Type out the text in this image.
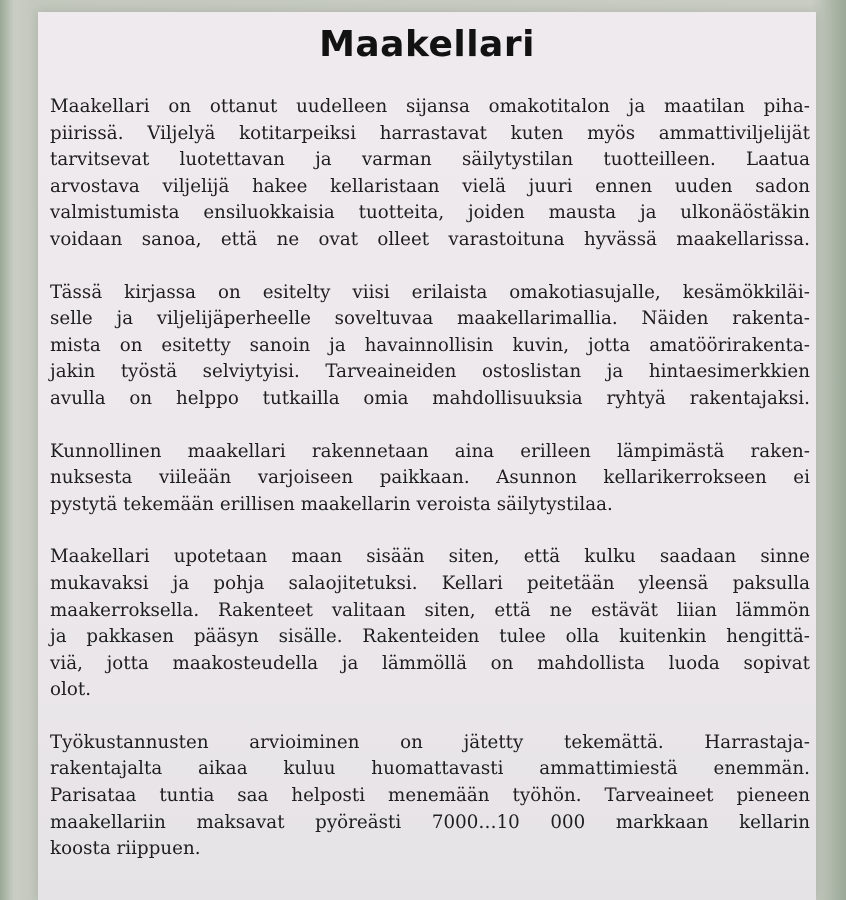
Maakellari

Maakellari on ottanut uudelleen sijansa omakotitalon ja maatilan piha-
piirissä. Viljelyä kotitarpeiksi harrastavat kuten myös ammattiviljelijät
tarvitsevat luotettavan ja varman säilytystilan tuotteilleen. Laatua
arvostava viljelijä hakee kellaristaan vielä juuri ennen uuden sadon
valmistumista ensiluokkaisia tuotteita, joiden mausta ja ulkonäöstäkin
voidaan sanoa, että ne ovat olleet varastoituna hyvässä maakellarissa.

Tässä kirjassa on esitelty viisi erilaista omakotiasujalle, kesämökkiläi-
selle ja viljelijäperheelle soveltuvaa maakellarimallia. Näiden rakenta-
mista on esitetty sanoin ja havainnollisin kuvin, jotta amatöörirakenta-
jakin työstä selviytyisi. Tarveaineiden ostoslistan ja hintaesimerkkien
avulla on helppo tutkailla omia mahdollisuuksia ryhtyä rakentajaksi.

Kunnollinen maakellari rakennetaan aina erilleen lämpimästä raken-
nuksesta viileään varjoiseen paikkaan. Asunnon kellarikerrokseen ei
pystytä tekemään erillisen maakellarin veroista säilytystilaa.

Maakellari upotetaan maan sisään siten, että kulku saadaan sinne
mukavaksi ja pohja salaojitetuksi. Kellari peitetään yleensä paksulla
maakerroksella. Rakenteet valitaan siten, että ne estävät liian lämmön
ja pakkasen pääsyn sisälle. Rakenteiden tulee olla kuitenkin hengittä-
viä, jotta maakosteudella ja lämmöllä on mahdollista luoda sopivat
olot.

Työkustannusten arvioiminen on jätetty tekemättä. Harrastaja-
rakentajalta aikaa kuluu huomattavasti ammattimiestä enemmän.
Parisataa tuntia saa helposti menemään työhön. Tarveaineet pieneen
maakellariin maksavat pyöreästi 7000…10 000 markkaan kellarin
koosta riippuen.
